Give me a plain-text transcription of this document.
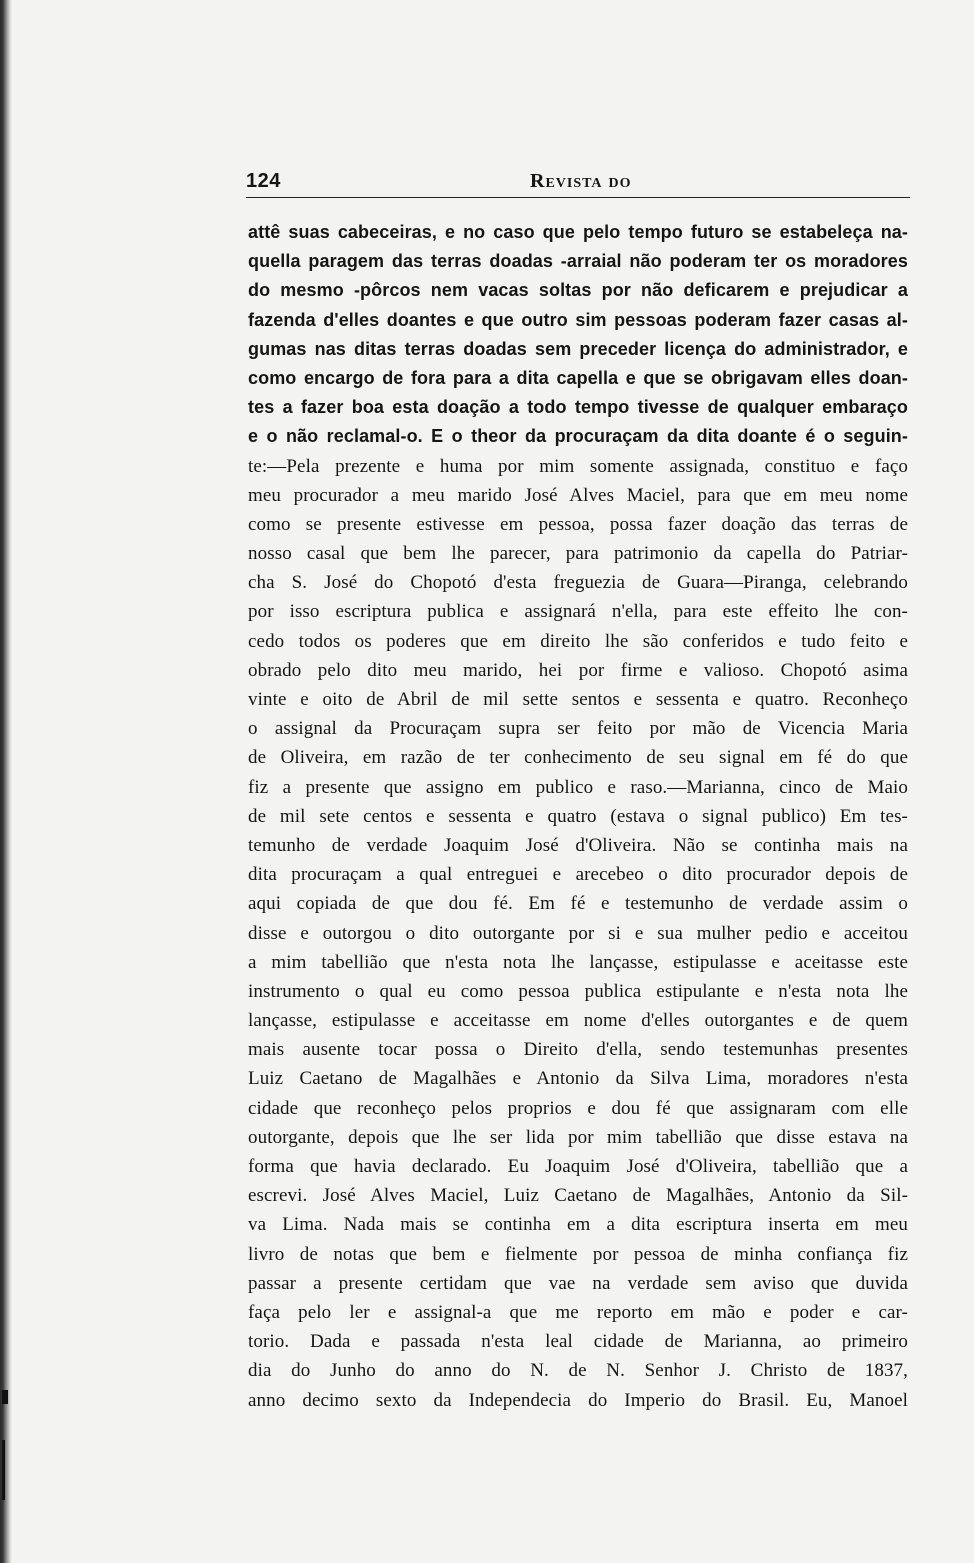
124	Revista do
attê suas cabeceiras, e no caso que pelo tempo futuro se estabeleça na-
quella paragem das terras doadas -arraial não poderam ter os moradores
do mesmo -pôrcos nem vacas soltas por não deficarem e prejudicar a
fazenda d'elles doantes e que outro sim pessoas poderam fazer casas al-
gumas nas ditas terras doadas sem preceder licença do administrador, e
como encargo de fora para a dita capella e que se obrigavam elles doan-
tes a fazer boa esta doação a todo tempo tivesse de qualquer embaraço
e o não reclamal-o. E o theor da procuraçam da dita doante é o seguin-
te:—Pela prezente e huma por mim somente assignada, constituo e faço
meu procurador a meu marido José Alves Maciel, para que em meu nome
como se presente estivesse em pessoa, possa fazer doação das terras de
nosso casal que bem lhe parecer, para patrimonio da capella do Patriar-
cha S. José do Chopotó d'esta freguezia de Guara—Piranga, celebrando
por isso escriptura publica e assignará n'ella, para este effeito lhe con-
cedo todos os poderes que em direito lhe são conferidos e tudo feito e
obrado pelo dito meu marido, hei por firme e valioso. Chopotó asima
vinte e oito de Abril de mil sette sentos e sessenta e quatro. Reconheço
o assignal da Procuraçam supra ser feito por mão de Vicencia Maria
de Oliveira, em razão de ter conhecimento de seu signal em fé do que
fiz a presente que assigno em publico e raso.—Marianna, cinco de Maio
de mil sete centos e sessenta e quatro (estava o signal publico) Em tes-
temunho de verdade Joaquim José d'Oliveira. Não se continha mais na
dita procuraçam a qual entreguei e arecebeo o dito procurador depois de
aqui copiada de que dou fé. Em fé e testemunho de verdade assim o
disse e outorgou o dito outorgante por si e sua mulher pedio e acceitou
a mim tabellião que n'esta nota lhe lançasse, estipulasse e aceitasse este
instrumento o qual eu como pessoa publica estipulante e n'esta nota lhe
lançasse, estipulasse e acceitasse em nome d'elles outorgantes e de quem
mais ausente tocar possa o Direito d'ella, sendo testemunhas presentes
Luiz Caetano de Magalhães e Antonio da Silva Lima, moradores n'esta
cidade que reconheço pelos proprios e dou fé que assignaram com elle
outorgante, depois que lhe ser lida por mim tabellião que disse estava na
forma que havia declarado. Eu Joaquim José d'Oliveira, tabellião que a
escrevi. José Alves Maciel, Luiz Caetano de Magalhães, Antonio da Sil-
va Lima. Nada mais se continha em a dita escriptura inserta em meu
livro de notas que bem e fielmente por pessoa de minha confiança fiz
passar a presente certidam que vae na verdade sem aviso que duvida
faça pelo ler e assignal-a que me reporto em mão e poder e car-
torio. Dada e passada n'esta leal cidade de Marianna, ao primeiro
dia do Junho do anno do N. de N. Senhor J. Christo de 1837,
anno decimo sexto da Independecia do Imperio do Brasil. Eu, Manoel
